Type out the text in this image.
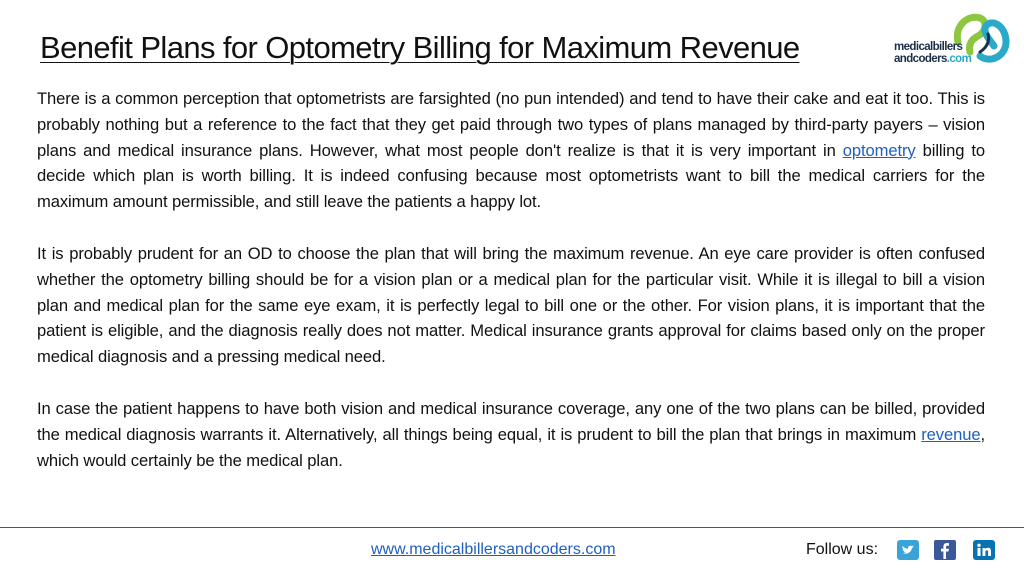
Benefit Plans for Optometry Billing for Maximum Revenue	medicalbillers
andcoders.com

There is a common perception that optometrists are farsighted (no pun intended) and tend to have their cake and eat it too. This is probably nothing but a reference to the fact that they get paid through two types of plans managed by third-party payers – vision plans and medical insurance plans. However, what most people don't realize is that it is very important in optometry billing to decide which plan is worth billing. It is indeed confusing because most optometrists want to bill the medical carriers for the maximum amount permissible, and still leave the patients a happy lot.

It is probably prudent for an OD to choose the plan that will bring the maximum revenue. An eye care provider is often confused whether the optometry billing should be for a vision plan or a medical plan for the particular visit. While it is illegal to bill a vision plan and medical plan for the same eye exam, it is perfectly legal to bill one or the other. For vision plans, it is important that the patient is eligible, and the diagnosis really does not matter. Medical insurance grants approval for claims based only on the proper medical diagnosis and a pressing medical need.

In case the patient happens to have both vision and medical insurance coverage, any one of the two plans can be billed, provided the medical diagnosis warrants it. Alternatively, all things being equal, it is prudent to bill the plan that brings in maximum revenue, which would certainly be the medical plan.

www.medicalbillersandcoders.com	Follow us:
